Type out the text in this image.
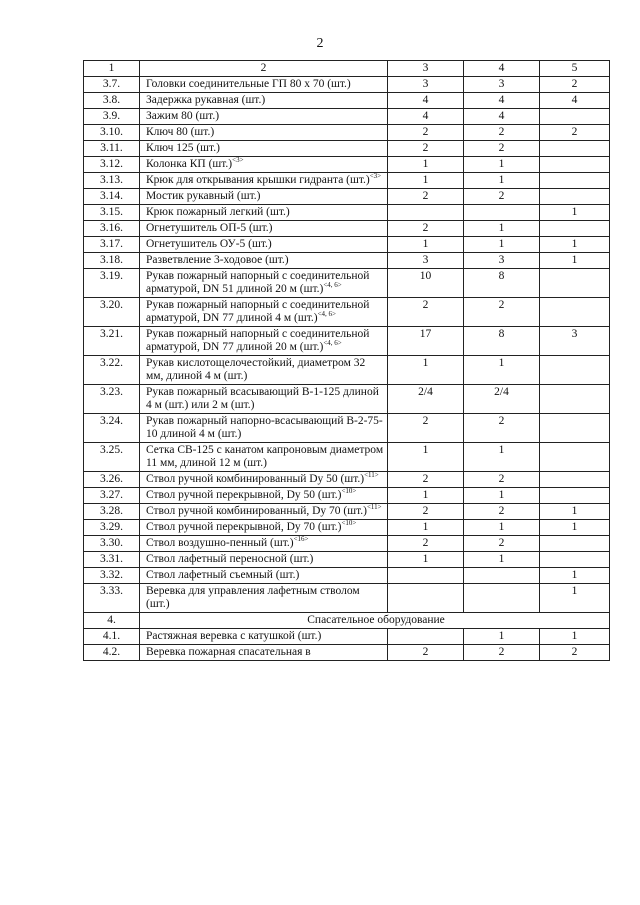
2
1	2	3	4	5
3.7.	Головки соединительные ГП 80 х 70 (шт.)	3	3	2
3.8.	Задержка рукавная (шт.)	4	4	4
3.9.	Зажим 80 (шт.)	4	4	
3.10.	Ключ 80 (шт.)	2	2	2
3.11.	Ключ 125 (шт.)	2	2	
3.12.	Колонка КП $(шт.)^{<3>}$	1	1	
3.13.	Крюк для открывания крышки гидранта $(шт.)^{<3>}$	1	1	
3.14.	Мостик рукавный (шт.)	2	2	
3.15.	Крюк пожарный легкий (шт.)			1
3.16.	Огнетушитель ОП-5 (шт.)	2	1	
3.17.	Огнетушитель ОУ-5 (шт.)	1	1	1
3.18.	Разветвление 3-ходовое (шт.)	3	3	1
3.19.	Рукав пожарный напорный с соединительной арматурой, DN 51 длиной 20 м $(шт.)^{<4, 6>}$	10	8	
3.20.	Рукав пожарный напорный с соединительной арматурой, DN 77 длиной 4 м $(шт.)^{<4, 6>}$	2	2	
3.21.	Рукав пожарный напорный с соединительной арматурой, DN 77 длиной 20 м $(шт.)^{<4, 6>}$	17	8	3
3.22.	Рукав кислотощелочестойкий, диаметром 32 мм, длиной 4 м (шт.)	1	1	
3.23.	Рукав пожарный всасывающий В-1-125 длиной 4 м (шт.) или 2 м (шт.)	2/4	2/4	
3.24.	Рукав пожарный напорно-всасывающий В-2-75-10 длиной 4 м (шт.)	2	2	
3.25.	Сетка СВ-125 с канатом капроновым диаметром 11 мм, длиной 12 м (шт.)	1	1	
3.26.	Ствол ручной комбинированный Dy 50 $(шт.)^{<11>}$	2	2	
3.27.	Ствол ручной перекрывной, Dy 50 $(шт.)^{<10>}$	1	1	
3.28.	Ствол ручной комбинированный, Dy 70 $(шт.)^{<11>}$	2	2	1
3.29.	Ствол ручной перекрывной, Dy 70 $(шт.)^{<10>}$	1	1	1
3.30.	Ствол воздушно-пенный $(шт.)^{<16>}$	2	2	
3.31.	Ствол лафетный переносной (шт.)	1	1	
3.32.	Ствол лафетный съемный (шт.)			1
3.33.	Веревка для управления лафетным стволом (шт.)			1
4.	Спасательное оборудование			
4.1.	Растяжная веревка с катушкой (шт.)		1	1
4.2.	Веревка пожарная спасательная в	2	2	2
